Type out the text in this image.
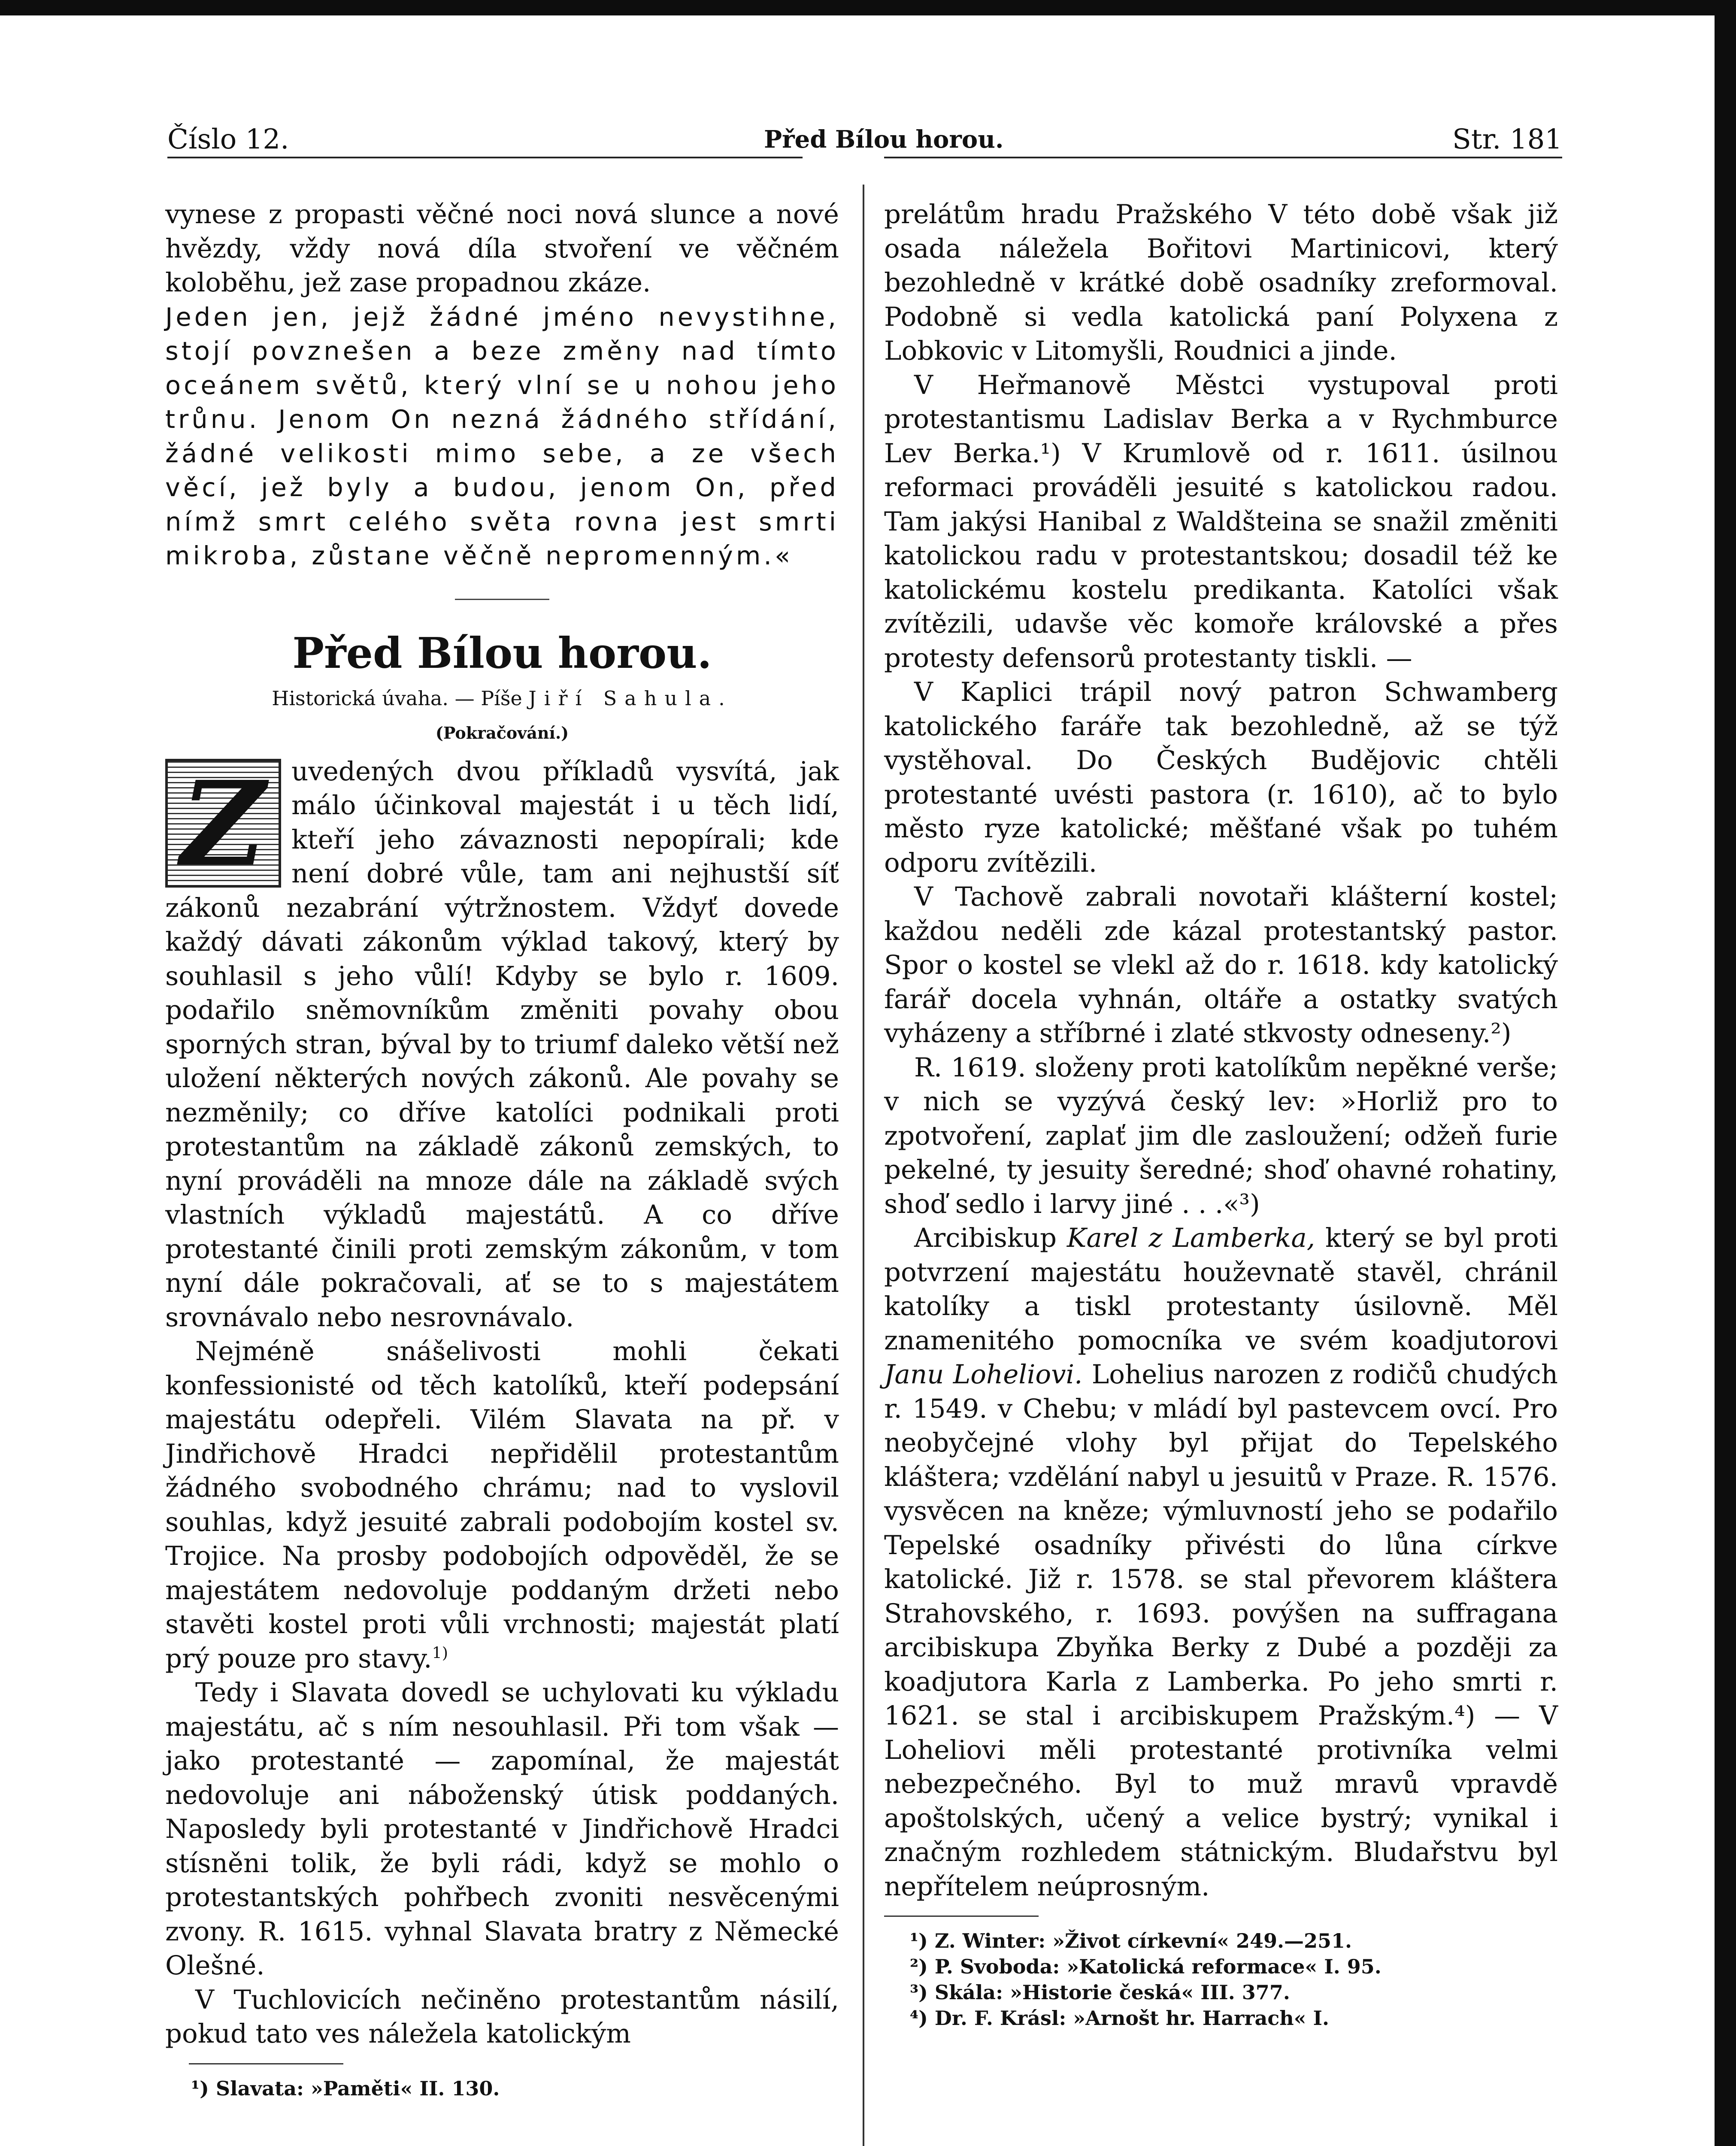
Číslo 12.	Před Bílou horou.	Str. 181

vynese z propasti věčné noci nová slunce a nové hvězdy, vždy nová díla stvoření ve věčném koloběhu, jež zase propadnou zkáze.

Jeden jen, jejž žádné jméno nevystihne, stojí povznešen a beze změny nad tímto oceánem světů, který vlní se u nohou jeho trůnu. Jenom On nezná žádného střídání, žádné velikosti mimo sebe, a ze všech věcí, jež byly a budou, jenom On, před nímž smrt celého světa rovna jest smrti mikroba, zůstane věčně nepromenným.«

Před Bílou horou.

Historická úvaha. — Píše Jiří Sahula.

(Pokračování.)

Z uvedených dvou příkladů vysvítá, jak málo účinkoval majestát i u těch lidí, kteří jeho závaznosti nepopírali; kde není dobré vůle, tam ani nejhustší síť zákonů nezabrání výtržnostem. Vždyť dovede každý dávati zákonům výklad takový, který by souhlasil s jeho vůlí! Kdyby se bylo r. 1609. podařilo sněmovníkům změniti povahy obou sporných stran, býval by to triumf daleko větší než uložení některých nových zákonů. Ale povahy se nezměnily; co dříve katolíci podnikali proti protestantům na základě zákonů zemských, to nyní prováděli na mnoze dále na základě svých vlastních výkladů majestátů. A co dříve protestanté činili proti zemským zákonům, v tom nyní dále pokračovali, ať se to s majestátem srovnávalo nebo nesrovnávalo.

Nejméně snášelivosti mohli čekati konfessionisté od těch katolíků, kteří podepsání majestátu odepřeli. Vilém Slavata na př. v Jindřichově Hradci nepřidělil protestantům žádného svobodného chrámu; nad to vyslovil souhlas, když jesuité zabrali podobojím kostel sv. Trojice. Na prosby podobojích odpověděl, že se majestátem nedovoluje poddaným držeti nebo stavěti kostel proti vůli vrchnosti; majestát platí prý pouze pro stavy.$^{1)}$

Tedy i Slavata dovedl se uchylovati ku výkladu majestátu, ač s ním nesouhlasil. Při tom však — jako protestanté — zapomínal, že majestát nedovoluje ani náboženský útisk poddaných. Naposledy byli protestanté v Jindřichově Hradci stísněni tolik, že byli rádi, když se mohlo o protestantských pohřbech zvoniti nesvěcenými zvony. R. 1615. vyhnal Slavata bratry z Německé Olešné.

V Tuchlovicích nečiněno protestantům násilí, pokud tato ves náležela katolickým

¹) Slavata: »Paměti« II. 130.

prelátům hradu Pražského V této době však již osada náležela Bořitovi Martinicovi, který bezohledně v krátké době osadníky zreformoval. Podobně si vedla katolická paní Polyxena z Lobkovic v Litomyšli, Roudnici a jinde.

V Heřmanově Městci vystupoval proti protestantismu Ladislav Berka a v Rychmburce Lev Berka.¹) V Krumlově od r. 1611. úsilnou reformaci prováděli jesuité s katolickou radou. Tam jakýsi Hanibal z Waldšteina se snažil změniti katolickou radu v protestantskou; dosadil též ke katolickému kostelu predikanta. Katolíci však zvítězili, udavše věc komoře královské a přes protesty defensorů protestanty tiskli. —

V Kaplici trápil nový patron Schwamberg katolického faráře tak bezohledně, až se týž vystěhoval. Do Českých Budějovic chtěli protestanté uvésti pastora (r. 1610), ač to bylo město ryze katolické; měšťané však po tuhém odporu zvítězili.

V Tachově zabrali novotaři klášterní kostel; každou neděli zde kázal protestantský pastor. Spor o kostel se vlekl až do r. 1618. kdy katolický farář docela vyhnán, oltáře a ostatky svatých vyházeny a stříbrné i zlaté stkvosty odneseny.²)

R. 1619. složeny proti katolíkům nepěkné verše; v nich se vyzývá český lev: »Horliž pro to zpotvoření, zaplať jim dle zasloužení; odžeň furie pekelné, ty jesuity šeredné; shoď ohavné rohatiny, shoď sedlo i larvy jiné . . .«³)

Arcibiskup Karel z Lamberka, který se byl proti potvrzení majestátu houževnatě stavěl, chránil katolíky a tiskl protestanty úsilovně. Měl znamenitého pomocníka ve svém koadjutorovi Janu Loheliovi. Lohelius narozen z rodičů chudých r. 1549. v Chebu; v mládí byl pastevcem ovcí. Pro neobyčejné vlohy byl přijat do Tepelského kláštera; vzdělání nabyl u jesuitů v Praze. R. 1576. vysvěcen na kněze; výmluvností jeho se podařilo Tepelské osadníky přivésti do lůna církve katolické. Již r. 1578. se stal převorem kláštera Strahovského, r. 1693. povýšen na suffragana arcibiskupa Zbyňka Berky z Dubé a později za koadjutora Karla z Lamberka. Po jeho smrti r. 1621. se stal i arcibiskupem Pražským.⁴) — V Loheliovi měli protestanté protivníka velmi nebezpečného. Byl to muž mravů vpravdě apoštolských, učený a velice bystrý; vynikal i značným rozhledem státnickým. Bludařstvu byl nepřítelem neúprosným.

¹) Z. Winter: »Život církevní« 249.—251.

²) P. Svoboda: »Katolická reformace« I. 95.

³) Skála: »Historie česká« III. 377.

⁴) Dr. F. Krásl: »Arnošt hr. Harrach« I.
